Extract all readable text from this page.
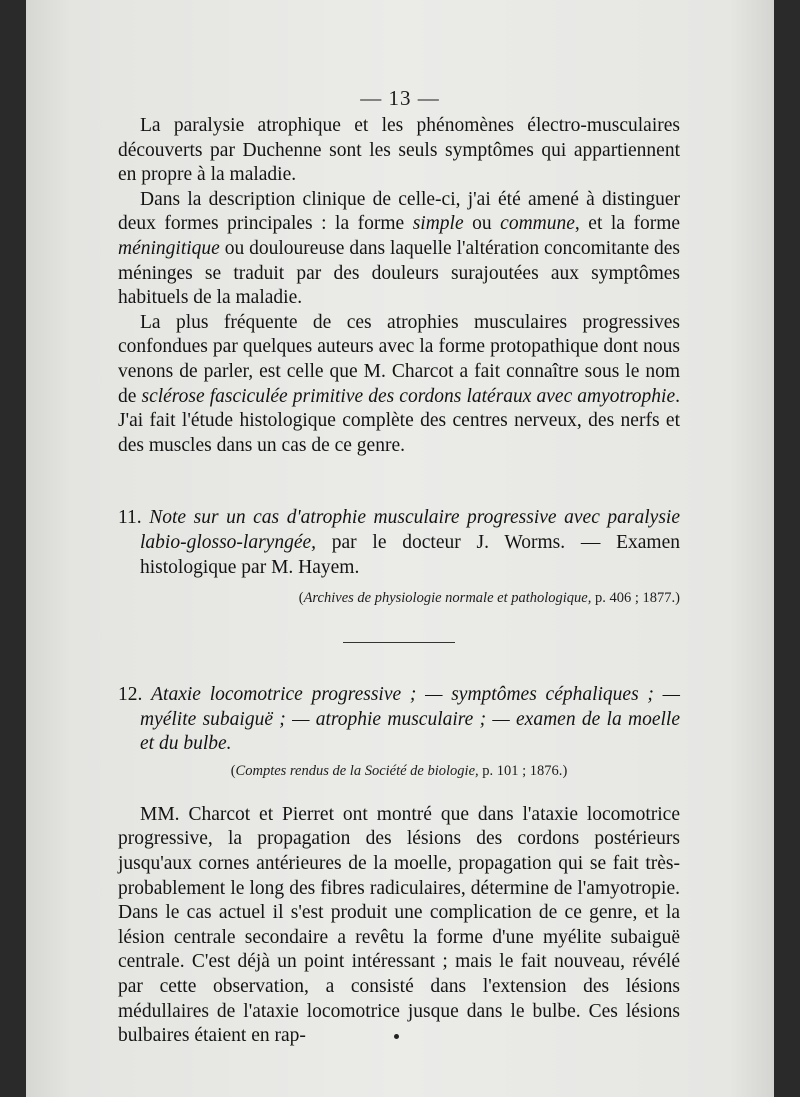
— 13 —

La paralysie atrophique et les phénomènes électro-musculaires découverts par Duchenne sont les seuls symptômes qui appartiennent en propre à la maladie.

Dans la description clinique de celle-ci, j'ai été amené à distinguer deux formes principales : la forme simple ou commune, et la forme méningitique ou douloureuse dans laquelle l'altération concomitante des méninges se traduit par des douleurs surajoutées aux symptômes habituels de la maladie.

La plus fréquente de ces atrophies musculaires progressives confondues par quelques auteurs avec la forme protopathique dont nous venons de parler, est celle que M. Charcot a fait connaître sous le nom de sclérose fasciculée primitive des cordons latéraux avec amyotrophie. J'ai fait l'étude histologique complète des centres nerveux, des nerfs et des muscles dans un cas de ce genre.

11. Note sur un cas d'atrophie musculaire progressive avec paralysie labio-glosso-laryngée, par le docteur J. Worms. — Examen histologique par M. Hayem.

(Archives de physiologie normale et pathologique, p. 406 ; 1877.)

12. Ataxie locomotrice progressive ; — symptômes céphaliques ; — myélite subaiguë ; — atrophie musculaire ; — examen de la moelle et du bulbe.

(Comptes rendus de la Société de biologie, p. 101 ; 1876.)

MM. Charcot et Pierret ont montré que dans l'ataxie locomotrice progressive, la propagation des lésions des cordons postérieurs jusqu'aux cornes antérieures de la moelle, propagation qui se fait très-probablement le long des fibres radiculaires, détermine de l'amyotropie. Dans le cas actuel il s'est produit une complication de ce genre, et la lésion centrale secondaire a revêtu la forme d'une myélite subaiguë centrale. C'est déjà un point intéressant ; mais le fait nouveau, révélé par cette observation, a consisté dans l'extension des lésions médullaires de l'ataxie locomotrice jusque dans le bulbe. Ces lésions bulbaires étaient en rap-
